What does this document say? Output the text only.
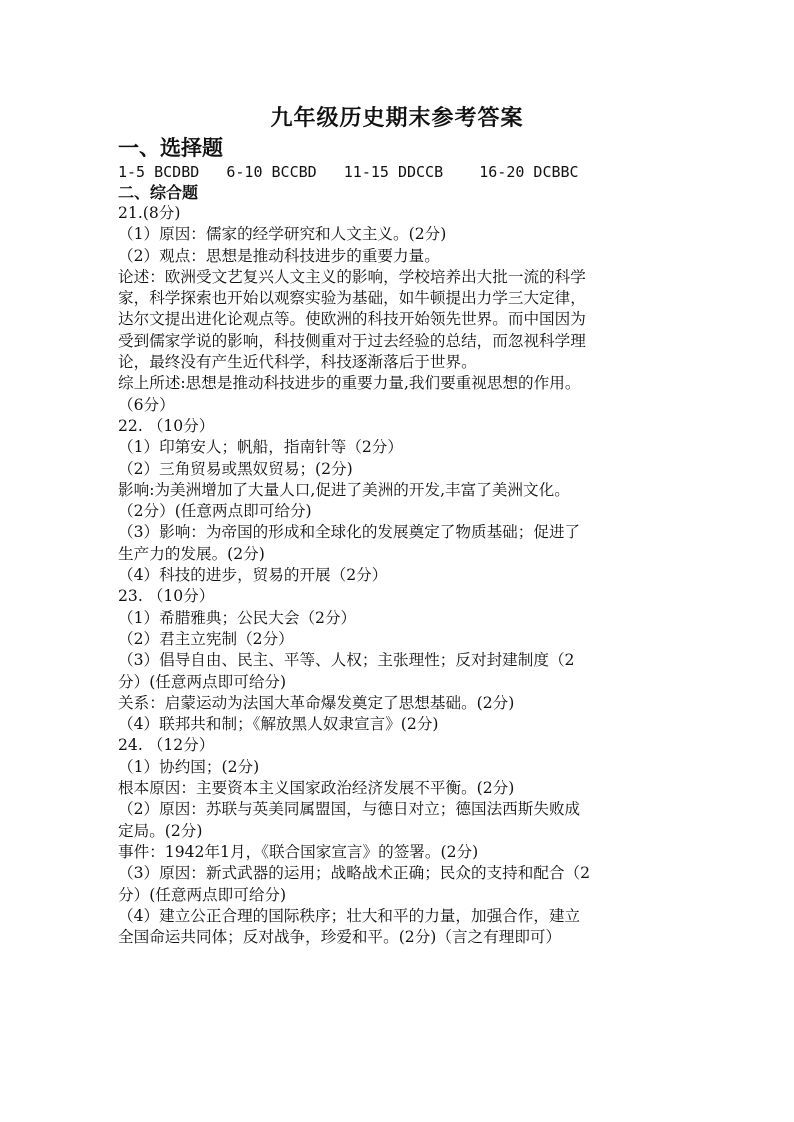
九年级历史期末参考答案
一、选择题
1-5 BCDBD   6-10 BCCBD   11-15 DDCCB    16-20 DCBBC
二、综合题
21.(8分)
（1）原因：儒家的经学研究和人文主义。(2分)
（2）观点：思想是推动科技进步的重要力量。
论述：欧洲受文艺复兴人文主义的影响，学校培养出大批一流的科学
家，科学探索也开始以观察实验为基础，如牛顿提出力学三大定律，
达尔文提出进化论观点等。使欧洲的科技开始领先世界。而中国因为
受到儒家学说的影响，科技侧重对于过去经验的总结，而忽视科学理
论，最终没有产生近代科学，科技逐渐落后于世界。
综上所述:思想是推动科技进步的重要力量,我们要重视思想的作用。
（6分）
22. （10分）
（1）印第安人；帆船，指南针等（2分）
（2）三角贸易或黑奴贸易；(2分)
影响:为美洲增加了大量人口,促进了美洲的开发,丰富了美洲文化。
（2分）(任意两点即可给分)
（3）影响：为帝国的形成和全球化的发展奠定了物质基础；促进了
生产力的发展。(2分)
（4）科技的进步，贸易的开展（2分）
23. （10分）
（1）希腊雅典；公民大会（2分）
（2）君主立宪制（2分）
（3）倡导自由、民主、平等、人权；主张理性；反对封建制度（2
分）(任意两点即可给分)
关系：启蒙运动为法国大革命爆发奠定了思想基础。(2分)
（4）联邦共和制；《解放黑人奴隶宣言》(2分)
24. （12分）
（1）协约国；(2分)
根本原因：主要资本主义国家政治经济发展不平衡。(2分)
（2）原因：苏联与英美同属盟国，与德日对立；德国法西斯失败成
定局。(2分)
事件：1942年1月，《联合国家宣言》的签署。(2分)
（3）原因：新式武器的运用；战略战术正确；民众的支持和配合（2
分）(任意两点即可给分)
（4）建立公正合理的国际秩序；壮大和平的力量，加强合作，建立
全国命运共同体；反对战争，珍爱和平。(2分)（言之有理即可）
